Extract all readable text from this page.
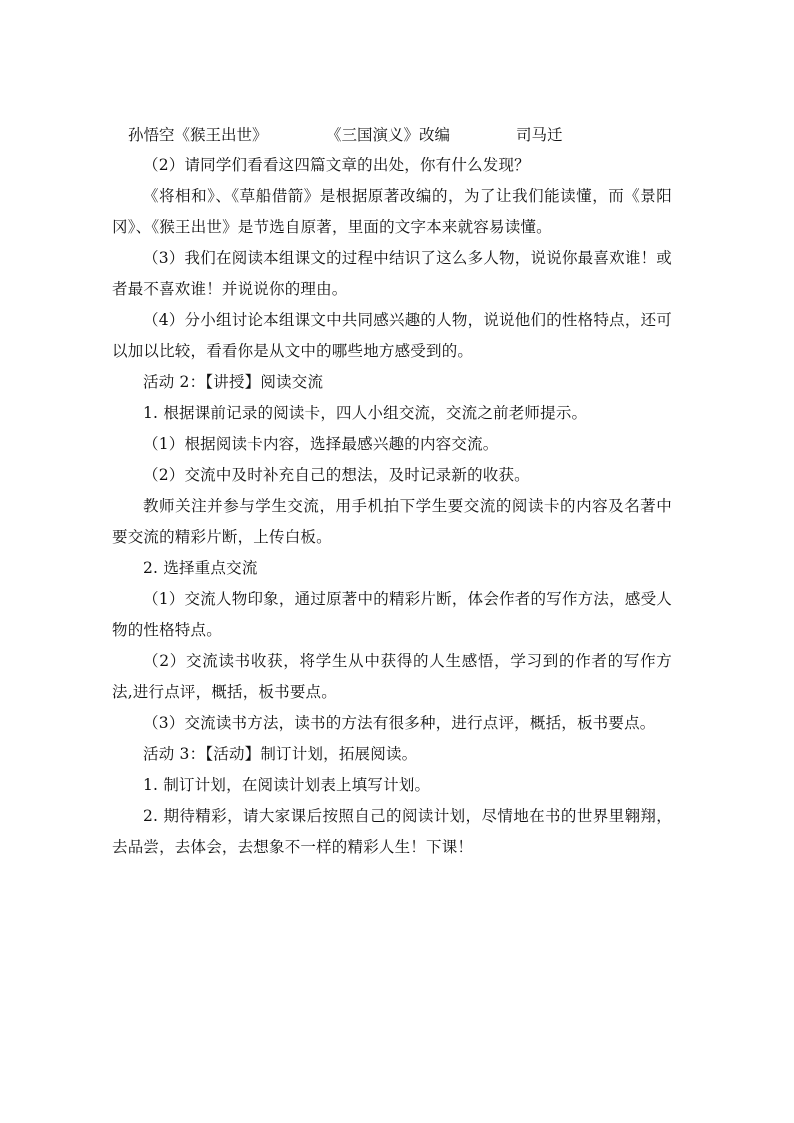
孙悟空《猴王出世》	《三国演义》改编	司马迁

（2）请同学们看看这四篇文章的出处，你有什么发现？

《将相和》、《草船借箭》是根据原著改编的，为了让我们能读懂，而《景阳冈》、《猴王出世》是节选自原著，里面的文字本来就容易读懂。

（3）我们在阅读本组课文的过程中结识了这么多人物，说说你最喜欢谁！或者最不喜欢谁！并说说你的理由。

（4）分小组讨论本组课文中共同感兴趣的人物，说说他们的性格特点，还可以加以比较，看看你是从文中的哪些地方感受到的。

活动 2：【讲授】阅读交流

1. 根据课前记录的阅读卡，四人小组交流，交流之前老师提示。

（1）根据阅读卡内容，选择最感兴趣的内容交流。

（2）交流中及时补充自己的想法，及时记录新的收获。

教师关注并参与学生交流，用手机拍下学生要交流的阅读卡的内容及名著中要交流的精彩片断，上传白板。

2. 选择重点交流

（1）交流人物印象，通过原著中的精彩片断，体会作者的写作方法，感受人物的性格特点。

（2）交流读书收获，将学生从中获得的人生感悟，学习到的作者的写作方法,进行点评，概括，板书要点。

（3）交流读书方法，读书的方法有很多种，进行点评，概括，板书要点。

活动 3：【活动】制订计划，拓展阅读。

1. 制订计划，在阅读计划表上填写计划。

2. 期待精彩，请大家课后按照自己的阅读计划，尽情地在书的世界里翱翔，去品尝，去体会，去想象不一样的精彩人生！下课！
